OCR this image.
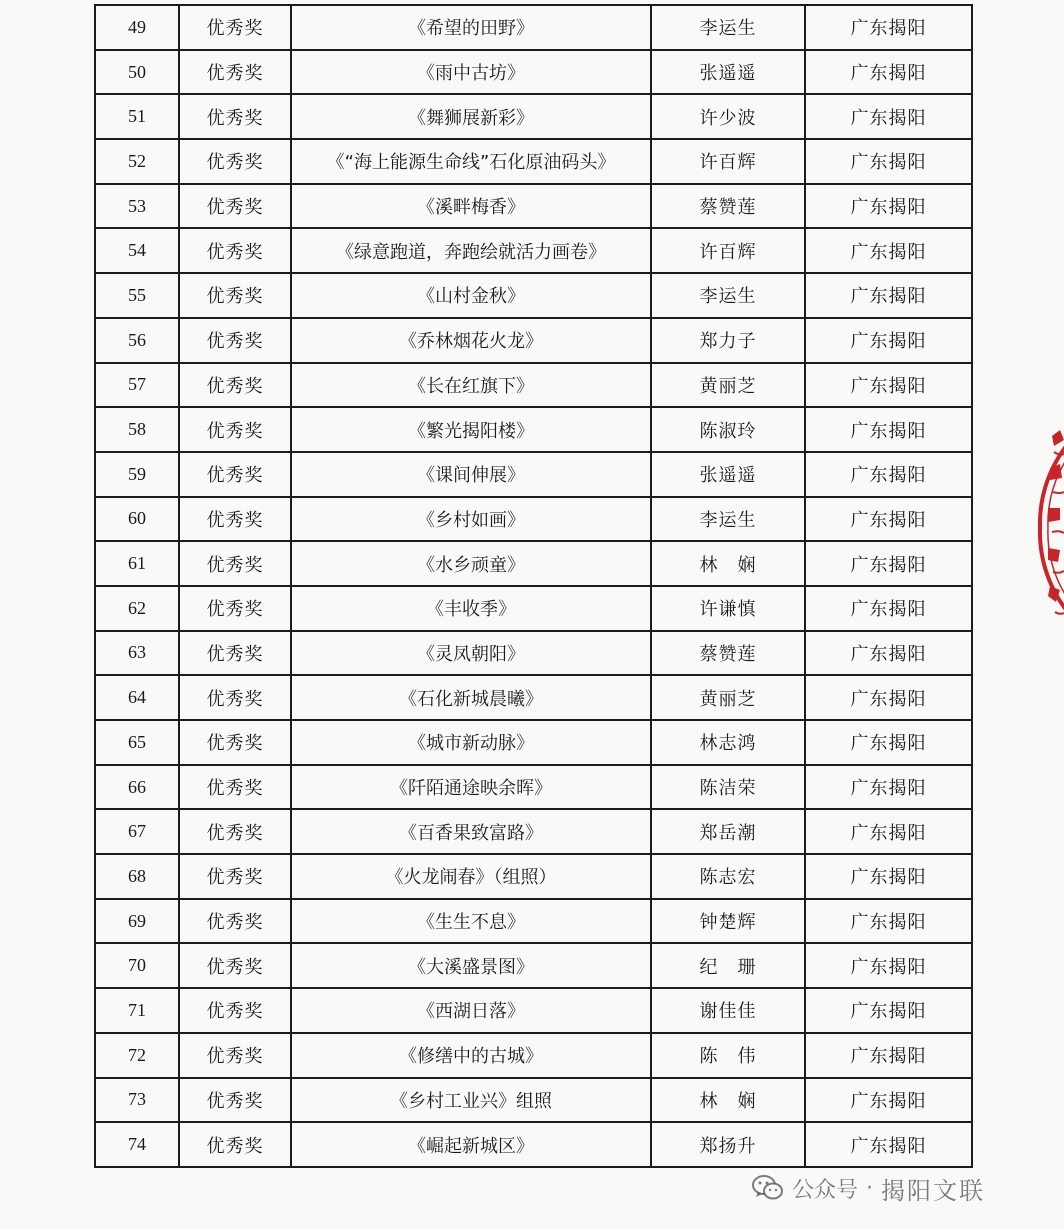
49	优秀奖	《希望的田野》	李运生	广东揭阳
50	优秀奖	《雨中古坊》	张遥遥	广东揭阳
51	优秀奖	《舞狮展新彩》	许少波	广东揭阳
52	优秀奖	《“海上能源生命线”石化原油码头》	许百辉	广东揭阳
53	优秀奖	《溪畔梅香》	蔡赞莲	广东揭阳
54	优秀奖	《绿意跑道，奔跑绘就活力画卷》	许百辉	广东揭阳
55	优秀奖	《山村金秋》	李运生	广东揭阳
56	优秀奖	《乔林烟花火龙》	郑力子	广东揭阳
57	优秀奖	《长在红旗下》	黄丽芝	广东揭阳
58	优秀奖	《繁光揭阳楼》	陈淑玲	广东揭阳
59	优秀奖	《课间伸展》	张遥遥	广东揭阳
60	优秀奖	《乡村如画》	李运生	广东揭阳
61	优秀奖	《水乡顽童》	林　娴	广东揭阳
62	优秀奖	《丰收季》	许谦慎	广东揭阳
63	优秀奖	《灵凤朝阳》	蔡赞莲	广东揭阳
64	优秀奖	《石化新城晨曦》	黄丽芝	广东揭阳
65	优秀奖	《城市新动脉》	林志鸿	广东揭阳
66	优秀奖	《阡陌通途映余晖》	陈洁荣	广东揭阳
67	优秀奖	《百香果致富路》	郑岳潮	广东揭阳
68	优秀奖	《火龙闹春》（组照）	陈志宏	广东揭阳
69	优秀奖	《生生不息》	钟楚辉	广东揭阳
70	优秀奖	《大溪盛景图》	纪　珊	广东揭阳
71	优秀奖	《西湖日落》	谢佳佳	广东揭阳
72	优秀奖	《修缮中的古城》	陈　伟	广东揭阳
73	优秀奖	《乡村工业兴》组照	林　娴	广东揭阳
74	优秀奖	《崛起新城区》	郑扬升	广东揭阳
公众号 · 揭阳文联
